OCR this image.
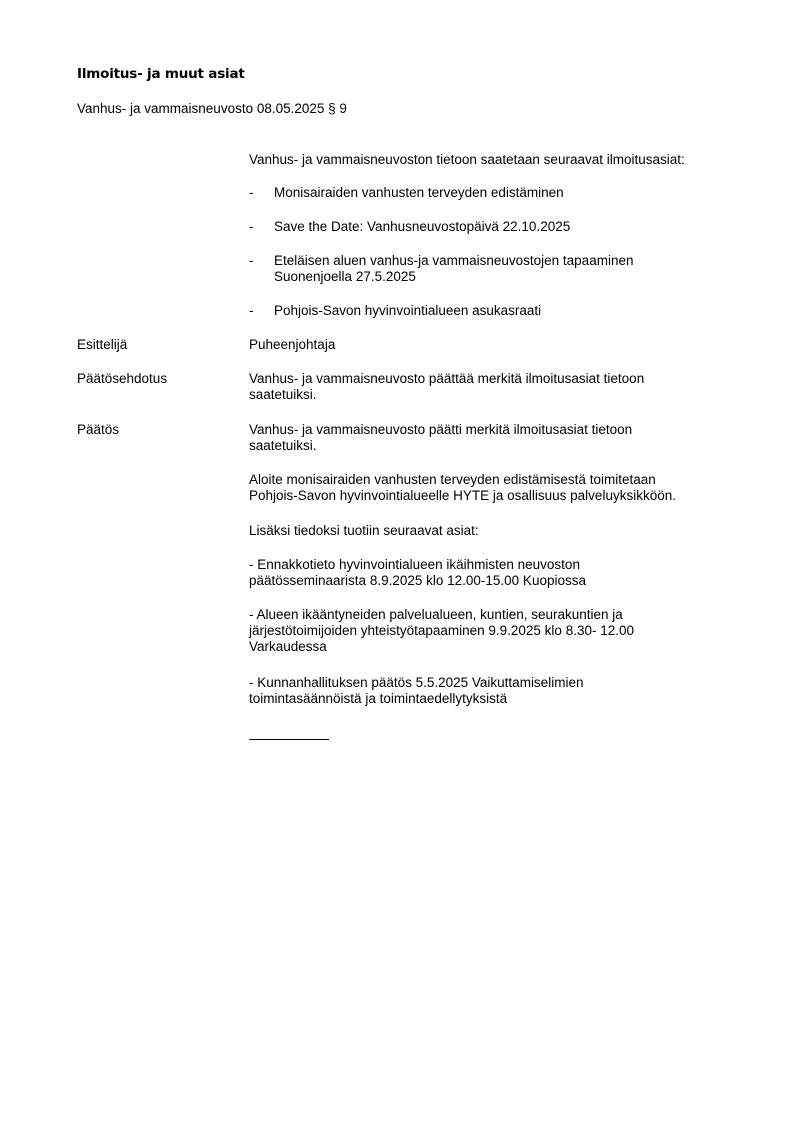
Ilmoitus- ja muut asiat
Vanhus- ja vammaisneuvosto 08.05.2025 § 9
Vanhus- ja vammaisneuvoston tietoon saatetaan seuraavat ilmoitusasiat:
- Monisairaiden vanhusten terveyden edistäminen
- Save the Date: Vanhusneuvostopäivä 22.10.2025
- Eteläisen aluen vanhus-ja vammaisneuvostojen tapaaminen
Suonenjoella 27.5.2025
- Pohjois-Savon hyvinvointialueen asukasraati
Esittelijä	Puheenjohtaja
Päätösehdotus	Vanhus- ja vammaisneuvosto päättää merkitä ilmoitusasiat tietoon
saatetuiksi.
Päätös	Vanhus- ja vammaisneuvosto päätti merkitä ilmoitusasiat tietoon
saatetuiksi.
Aloite monisairaiden vanhusten terveyden edistämisestä toimitetaan
Pohjois-Savon hyvinvointialueelle HYTE ja osallisuus palveluyksikköön.
Lisäksi tiedoksi tuotiin seuraavat asiat:
- Ennakkotieto hyvinvointialueen ikäihmisten neuvoston
päätösseminaarista 8.9.2025 klo 12.00-15.00 Kuopiossa
- Alueen ikääntyneiden palvelualueen, kuntien, seurakuntien ja
järjestötoimijoiden yhteistyötapaaminen 9.9.2025 klo 8.30- 12.00
Varkaudessa
- Kunnanhallituksen päätös 5.5.2025 Vaikuttamiselimien
toimintasäännöistä ja toimintaedellytyksistä
